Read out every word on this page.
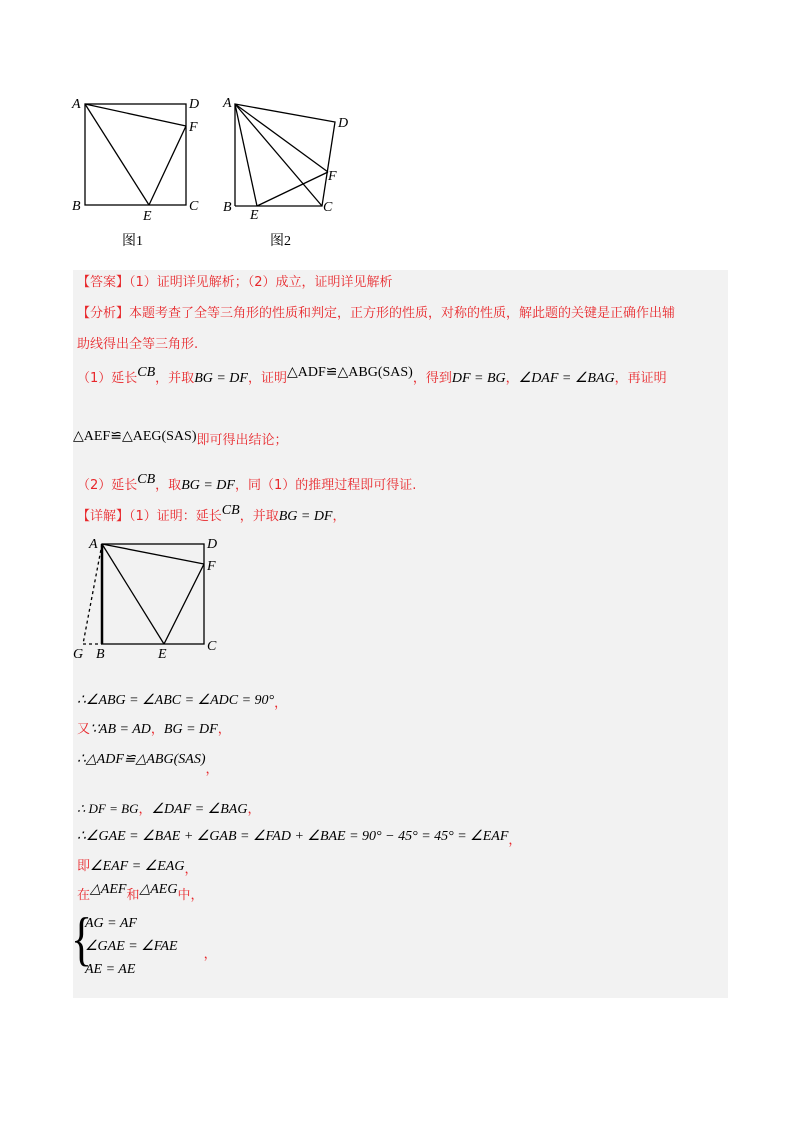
A	D
F
B
E
C
图1
A
D
F
B
E
C
图2
【答案】（1）证明详见解析；（2）成立，证明详见解析
【分析】本题考查了全等三角形的性质和判定，正方形的性质，对称的性质，解此题的关键是正确作出辅
助线得出全等三角形.
（1）延长CB，并取BG = DF，证明△ADF≌△ABG(SAS)，得到DF = BG，∠DAF = ∠BAG，再证明
△AEF≌△AEG(SAS)即可得出结论；
（2）延长CB，取BG = DF，同（1）的推理过程即可得证.
【详解】（1）证明：延长CB，并取BG = DF，
A	D
F
G B	E
C
∴∠ABG = ∠ABC = ∠ADC = 90°，
又∵AB = AD，BG = DF，
∴△ADF≌△ABG(SAS)，
∴ DF = BG，∠DAF = ∠BAG，
∴∠GAE = ∠BAE + ∠GAB = ∠FAD + ∠BAE = 90° − 45° = 45° = ∠EAF，
即∠EAF = ∠EAG，
在△AEF和△AEG中，
{
AG = AF
∠GAE = ∠FAE，
AE = AE
